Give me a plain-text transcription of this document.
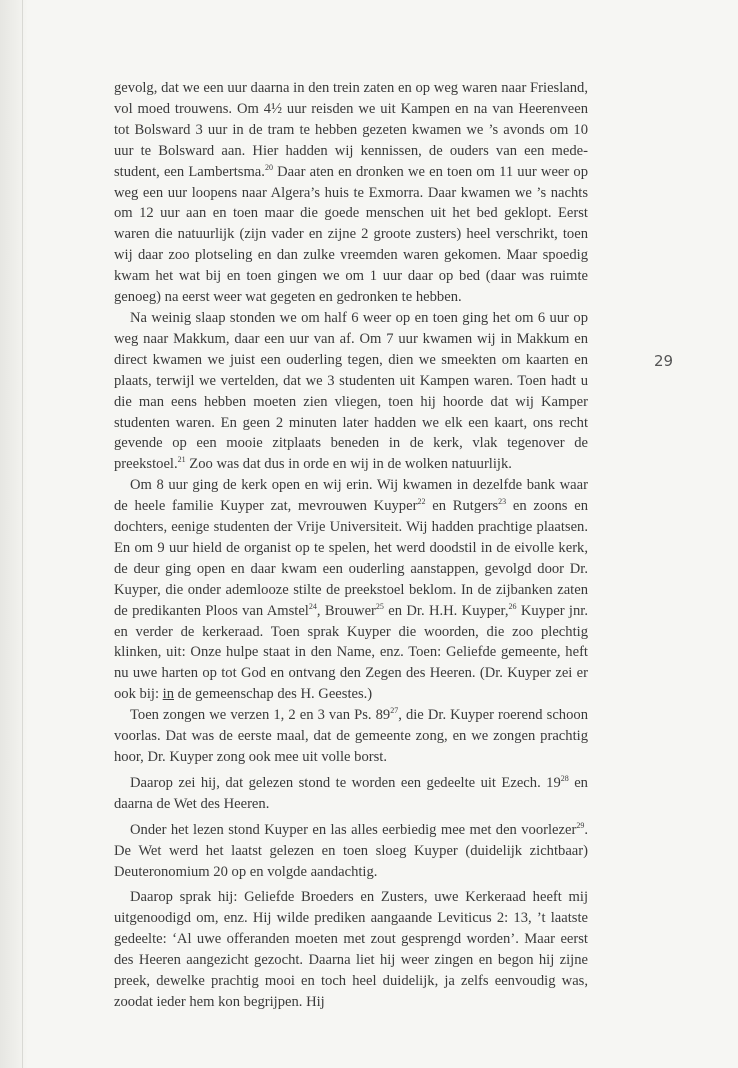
gevolg, dat we een uur daarna in den trein zaten en op weg waren naar Friesland, vol moed trouwens. Om 4½ uur reisden we uit Kampen en na van Heerenveen tot Bolsward 3 uur in de tram te hebben gezeten kwamen we ’s avonds om 10 uur te Bolsward aan. Hier hadden wij kennissen, de ouders van een mede-student, een Lambertsma.$^{20}$ Daar aten en dronken we en toen om 11 uur weer op weg een uur loopens naar Algera’s huis te Exmorra. Daar kwamen we ’s nachts om 12 uur aan en toen maar die goede menschen uit het bed geklopt. Eerst waren die natuurlijk (zijn vader en zijne 2 groote zusters) heel verschrikt, toen wij daar zoo plotseling en dan zulke vreemden waren gekomen. Maar spoedig kwam het wat bij en toen gingen we om 1 uur daar op bed (daar was ruimte genoeg) na eerst weer wat gegeten en gedronken te hebben.

Na weinig slaap stonden we om half 6 weer op en toen ging het om 6 uur op weg naar Makkum, daar een uur van af. Om 7 uur kwamen wij in Makkum en direct kwamen we juist een ouderling tegen, dien we smeekten om kaarten en plaats, terwijl we vertelden, dat we 3 studenten uit Kampen waren. Toen hadt u die man eens hebben moeten zien vliegen, toen hij hoorde dat wij Kamper studenten waren. En geen 2 minuten later hadden we elk een kaart, ons recht gevende op een mooie zitplaats beneden in de kerk, vlak tegenover de preekstoel.$^{21}$ Zoo was dat dus in orde en wij in de wolken natuurlijk.

Om 8 uur ging de kerk open en wij erin. Wij kwamen in dezelfde bank waar de heele familie Kuyper zat, mevrouwen Kuyper$^{22}$ en Rutgers$^{23}$ en zoons en dochters, eenige studenten der Vrije Universiteit. Wij hadden prachtige plaatsen. En om 9 uur hield de organist op te spelen, het werd doodstil in de eivolle kerk, de deur ging open en daar kwam een ouderling aanstappen, gevolgd door Dr. Kuyper, die onder ademlooze stilte de preekstoel beklom. In de zijbanken zaten de predikanten Ploos van Amstel$^{24}$, Brouwer$^{25}$ en Dr. H.H. Kuyper,$^{26}$ Kuyper jnr. en verder de kerkeraad. Toen sprak Kuyper die woorden, die zoo plechtig klinken, uit: Onze hulpe staat in den Name, enz. Toen: Geliefde gemeente, heft nu uwe harten op tot God en ontvang den Zegen des Heeren. (Dr. Kuyper zei er ook bij: in de gemeenschap des H. Geestes.)

Toen zongen we verzen 1, 2 en 3 van Ps. $89^{27}$, die Dr. Kuyper roerend schoon voorlas. Dat was de eerste maal, dat de gemeente zong, en we zongen prachtig hoor, Dr. Kuyper zong ook mee uit volle borst.

Daarop zei hij, dat gelezen stond te worden een gedeelte uit Ezech. $19^{28}$ en daarna de Wet des Heeren.

Onder het lezen stond Kuyper en las alles eerbiedig mee met den voorlezer$^{29}$. De Wet werd het laatst gelezen en toen sloeg Kuyper (duidelijk zichtbaar) Deuteronomium 20 op en volgde aandachtig.

Daarop sprak hij: Geliefde Broeders en Zusters, uwe Kerkeraad heeft mij uitgenoodigd om, enz. Hij wilde prediken aangaande Leviticus 2: 13, ’t laatste gedeelte: ‘Al uwe offeranden moeten met zout gesprengd worden’. Maar eerst des Heeren aangezicht gezocht. Daarna liet hij weer zingen en begon hij zijne preek, dewelke prachtig mooi en toch heel duidelijk, ja zelfs eenvoudig was, zoodat ieder hem kon begrijpen. Hij

29
